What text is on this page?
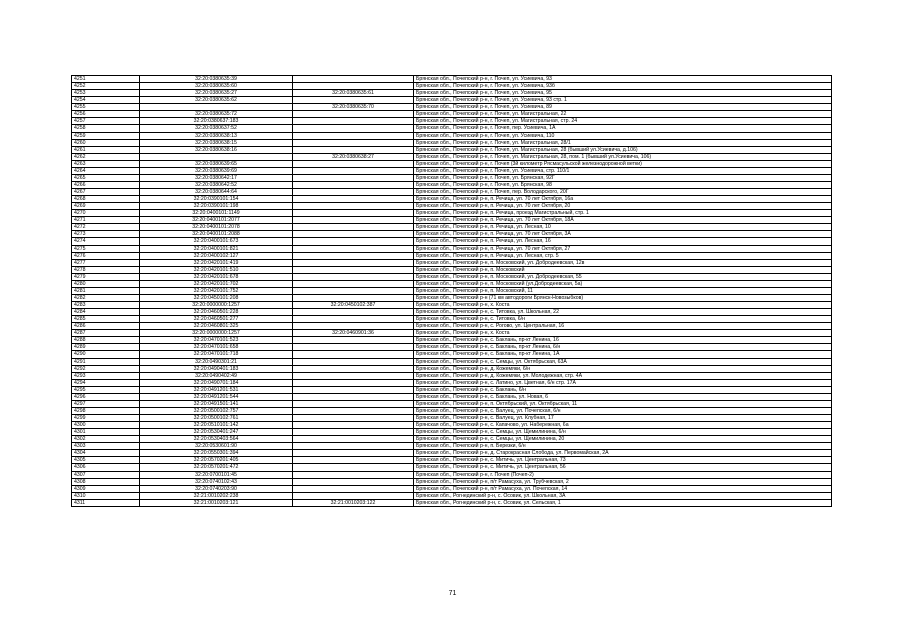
4251	32:20:0380635:39		Брянская обл., Почепский р-н, г. Почеп, ул. Усиевича, 93
4252	32:20:0380635:60		Брянская обл., Почепский р-н, г. Почеп, ул. Усиевича, 93б
4253	32:20:0380635:27	32:20:0380635:61	Брянская обл., Почепский р-н, г. Почеп, ул. Усиевича, 95
4254	32:20:0380635:62		Брянская обл., Почепский р-н, г. Почеп, ул. Усиевича, 93 стр. 1
4255		32:20:0380635:70	Брянская обл., Почепский р-н, г. Почеп, ул. Усиевича, 89
4256	32:20:0380635:72		Брянская обл., Почепский р-н, г. Почеп, ул. Магистральная, 22
4257	32:20:0380637:183		Брянская обл., Почепский р-н, г. Почеп, ул. Магистральная, стр. 24
4258	32:20:0380637:52		Брянская обл., Почепский р-н, г. Почеп, пер. Усиевича, 1А
4259	32:20:0380638:13		Брянская обл., Почепский р-н, г. Почеп, ул. Усиевича, 110
4260	32:20:0380638:15		Брянская обл., Почепский р-н, г. Почеп, ул. Магистральная, 28/1
4261	32:20:0380638:16		Брянская обл., Почепский р-н, г. Почеп, ул. Магистральная, 28 (бывший ул.Усиевича, д.106)
4262		32:20:0380638:27	Брянская обл., Почепский р-н, г. Почеп, ул. Магистральная, 28, пом. 1 (бывший ул.Усиевича, 106)
4263	32:20:0380639:65		Брянская обл., Почепский р-н, г. Почеп (3й километр Рясмасульской железнодорожной ветки)
4264	32:20:0380639:69		Брянская обл., Почепский р-н, г. Почеп, ул. Усиевича, стр. 110/1
4265	32:20:0380642:17		Брянская обл., Почепский р-н, г. Почеп, ул. Брянская, 92Г
4266	32:20:0380642:52		Брянская обл., Почепский р-н, г. Почеп, ул. Брянская, 98
4267	32:20:0380644:64		Брянская обл., Почепский р-н, г. Почеп, пер. Володарского, 20Г
4268	32:20:0390101:154		Брянская обл., Почепский р-н, п. Речица, ул. 70 лет Октября, 16а
4269	32:20:0390101:198		Брянская обл., Почепский р-н, п. Речица, ул. 70 лет Октября, 20
4270	32:20:0400101:1149		Брянская обл., Почепский р-н, п. Речица, проезд Магистральный, стр. 1
4271	32:20:0400101:2077		Брянская обл., Почепский р-н, п. Речица, ул. 70 лет Октября, 18А
4272	32:20:0400101:2078		Брянская обл., Почепский р-н, п. Речица, ул. Лесная, 10
4273	32:20:0400101:2088		Брянская обл., Почепский р-н, п. Речица, ул. 70 лет Октября, 3А
4274	32:20:0400101:673		Брянская обл., Почепский р-н, п. Речица, ул. Лесная, 16
4275	32:20:0400101:821		Брянская обл., Почепский р-н, п. Речица, ул. 70 лет Октября, 27
4276	32:20:0400102:127		Брянская обл., Почепский р-н, п. Речица, ул. Лесная, стр. 5
4277	32:20:0420101:419		Брянская обл., Почепский р-н, п. Московский, ул. Добродеевская, 12в
4278	32:20:0420101:510		Брянская обл., Почепский р-н, п. Московский
4279	32:20:0420101:678		Брянская обл., Почепский р-н, п. Московский, ул. Добродеевская, 55
4280	32:20:0420101:702		Брянская обл., Почепский р-н, п. Московский (ул.Добродеевская, 5а)
4281	32:20:0420101:752		Брянская обл., Почепский р-н, п. Московский, 11
4282	32:20:0450101:208		Брянская обл., Почепский р-н (71 км автодороги Брянск-Новозыбков)
4283	32:20:0000000:1257	32:20:0450102:387	Брянская обл., Почепский р-н, х. Коста
4284	32:20:0460501:228		Брянская обл., Почепский р-н, с. Титовка, ул. Школьная, 22
4285	32:20:0460501:277		Брянская обл., Почепский р-н, с. Титовка, 6/н
4286	32:20:0460801:325		Брянская обл., Почепский р-н, с. Рогово, ул. Центральная, 16
4287	32:20:0000000:1257	32:20:0460901:36	Брянская обл., Почепский р-н, х. Коста
4288	32:20:0470101:523		Брянская обл., Почепский р-н, с. Баклань, пр-кт Ленина, 16
4289	32:20:0470101:658		Брянская обл., Почепский р-н, с. Баклань, пр-кт Ленина, 6/н
4290	32:20:0470101:718		Брянская обл., Почепский р-н, с. Баклань, пр-кт Ленина, 1А
4291	32:20:0490301:21		Брянская обл., Почепский р-н, с. Семцы, ул. Октябрьская, 63А
4292	32:20:0490401:183		Брянская обл., Почепский р-н, д. Кожемяки, 6/н
4293	32:20:0490402:49		Брянская обл., Почепский р-н, д. Кожемяки, ул. Молодежная, стр. 4А
4294	32:20:0490701:184		Брянская обл., Почепский р-н, с. Латино, ул. Цветная, 6/н стр. 17А
4295	32:20:0491201:531		Брянская обл., Почепский р-н, с. Баклань, 6/н
4296	32:20:0491201:544		Брянская обл., Почепский р-н, с. Баклань, ул. Новая, 6
4297	32:20:0491501:141		Брянская обл., Почепский р-н, п. Октябрьский, ул. Октябрьская, 11
4298	32:20:0500102:757		Брянская обл., Почепский р-н, с. Валуец, ул. Почепская, 6/н
4299	32:20:0500102:761		Брянская обл., Почепский р-н, с. Валуец, ул. Клубная, 17
4300	32:20:0510101:142		Брянская обл., Почепский р-н, с. Капачово, ул. Набережная, 6а
4301	32:20:0530401:247		Брянская обл., Почепский р-н, с. Семцы, ул. Щемилинина, 6/н
4302	32:20:0530403:564		Брянская обл., Почепский р-н, с. Семцы, ул. Щемилинина, 20
4303	32:20:0530601:90		Брянская обл., Почепский р-н, п. Березки, 6/н
4304	32:20:0550301:394		Брянская обл., Почепский р-н, д. Старокрасная Слобода, ул. Первомайская, 2А
4305	32:20:0570201:405		Брянская обл., Почепский р-н, с. Митичь, ул. Центральная, 73
4306	32:20:0570201:472		Брянская обл., Почепский р-н, с. Митичь, ул. Центральная, 56
4307	32:20:0700101:45		Брянская обл., Почепский р-н, г. Почеп (Почеп-2)
4308	32:20:0740102:43		Брянская обл., Почепский р-н, п/т Рамасуха, ул. Трубчевская, 2
4309	32:20:0740203:90		Брянская обл., Почепский р-н, п/т Рамасуха, ул. Почепская, 14
4310	32:21:0010202:238		Брянская обл., Рогнединский р-н, с. Осовик, ул. Школьная, 3А
4311	32:21:0010203:121	32:21:0010203:122	Брянская обл., Рогнединский р-н, с. Осовик, ул. Сельская, 1
71
